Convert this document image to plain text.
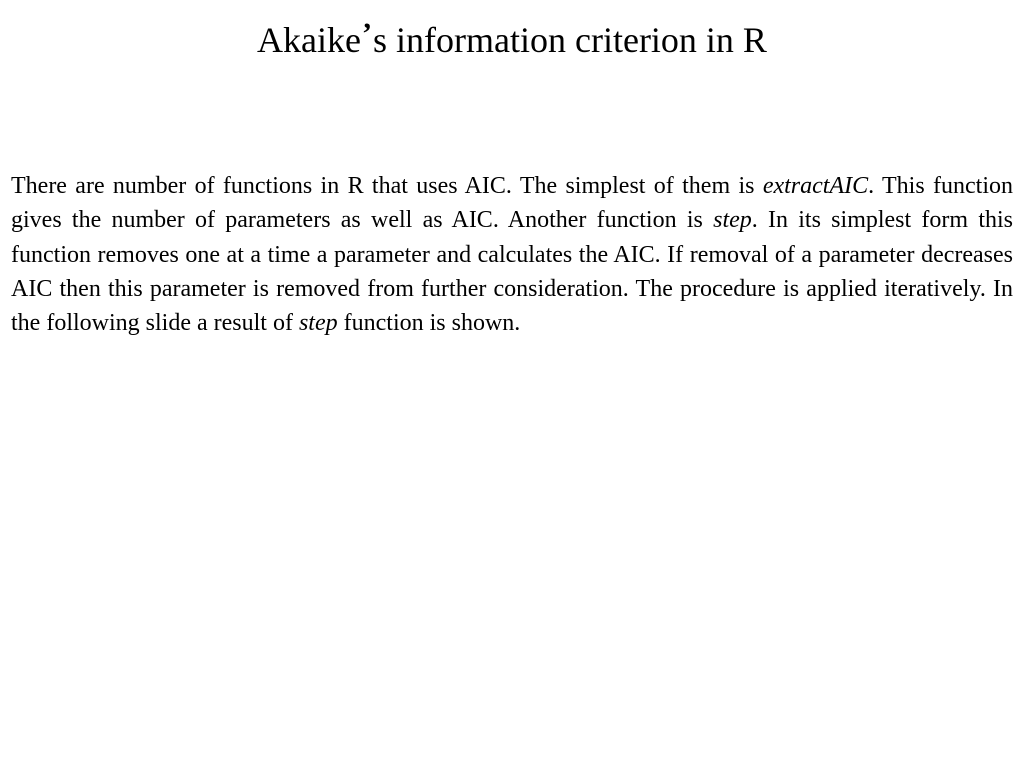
Akaike’s information criterion in R

There are number of functions in R that uses AIC. The simplest of them is extractAIC. This function gives the number of parameters as well as AIC. Another function is step. In its simplest form this function removes one at a time a parameter and calculates the AIC. If removal of a parameter decreases AIC then this parameter is removed from further consideration. The procedure is applied iteratively. In the following slide a result of step function is shown.
